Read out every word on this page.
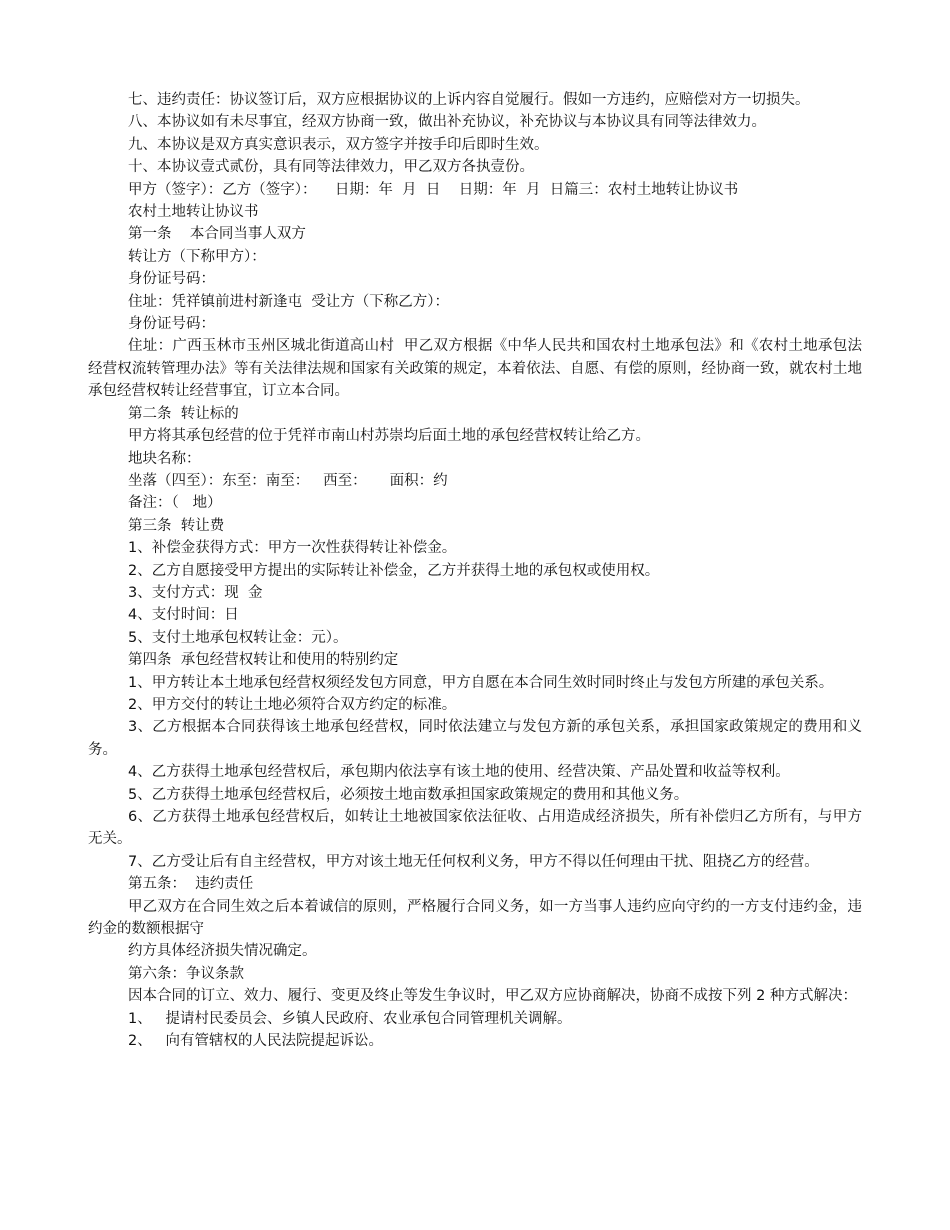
七、违约责任：协议签订后，双方应根据协议的上诉内容自觉履行。假如一方违约，应赔偿对方一切损失。

八、本协议如有未尽事宜，经双方协商一致，做出补充协议，补充协议与本协议具有同等法律效力。

九、本协议是双方真实意识表示，双方签字并按手印后即时生效。

十、本协议壹式贰份，具有同等法律效力，甲乙双方各执壹份。

甲方（签字）：乙方（签字）：    日期：年  月  日    日期：年  月  日篇三：农村土地转让协议书

农村土地转让协议书

第一条    本合同当事人双方

转让方（下称甲方）：

身份证号码：

住址：凭祥镇前进村新逢屯  受让方（下称乙方）：

身份证号码：

住址：广西玉林市玉州区城北街道高山村  甲乙双方根据《中华人民共和国农村土地承包法》和《农村土地承包法经营权流转管理办法》等有关法律法规和国家有关政策的规定，本着依法、自愿、有偿的原则，经协商一致，就农村土地承包经营权转让经营事宜，订立本合同。

第二条  转让标的

甲方将其承包经营的位于凭祥市南山村苏崇均后面土地的承包经营权转让给乙方。

地块名称：

坐落（四至）：东至：南至：   西至：     面积：约

备注：（   地）

第三条  转让费

1、补偿金获得方式：甲方一次性获得转让补偿金。

2、乙方自愿接受甲方提出的实际转让补偿金，乙方并获得土地的承包权或使用权。

3、支付方式：现  金

4、支付时间：日

5、支付土地承包权转让金：元）。

第四条  承包经营权转让和使用的特别约定

1、甲方转让本土地承包经营权须经发包方同意，甲方自愿在本合同生效时同时终止与发包方所建的承包关系。

2、甲方交付的转让土地必须符合双方约定的标准。

3、乙方根据本合同获得该土地承包经营权，同时依法建立与发包方新的承包关系，承担国家政策规定的费用和义务。

4、乙方获得土地承包经营权后，承包期内依法享有该土地的使用、经营决策、产品处置和收益等权利。

5、乙方获得土地承包经营权后，必须按土地亩数承担国家政策规定的费用和其他义务。

6、乙方获得土地承包经营权后，如转让土地被国家依法征收、占用造成经济损失，所有补偿归乙方所有，与甲方无关。

7、乙方受让后有自主经营权，甲方对该土地无任何权利义务，甲方不得以任何理由干扰、阻挠乙方的经营。

第五条：  违约责任

甲乙双方在合同生效之后本着诚信的原则，严格履行合同义务，如一方当事人违约应向守约的一方支付违约金，违约金的数额根据守

约方具体经济损失情况确定。

第六条：争议条款

因本合同的订立、效力、履行、变更及终止等发生争议时，甲乙双方应协商解决，协商不成按下列 2 种方式解决：

1、   提请村民委员会、乡镇人民政府、农业承包合同管理机关调解。

2、   向有管辖权的人民法院提起诉讼。
